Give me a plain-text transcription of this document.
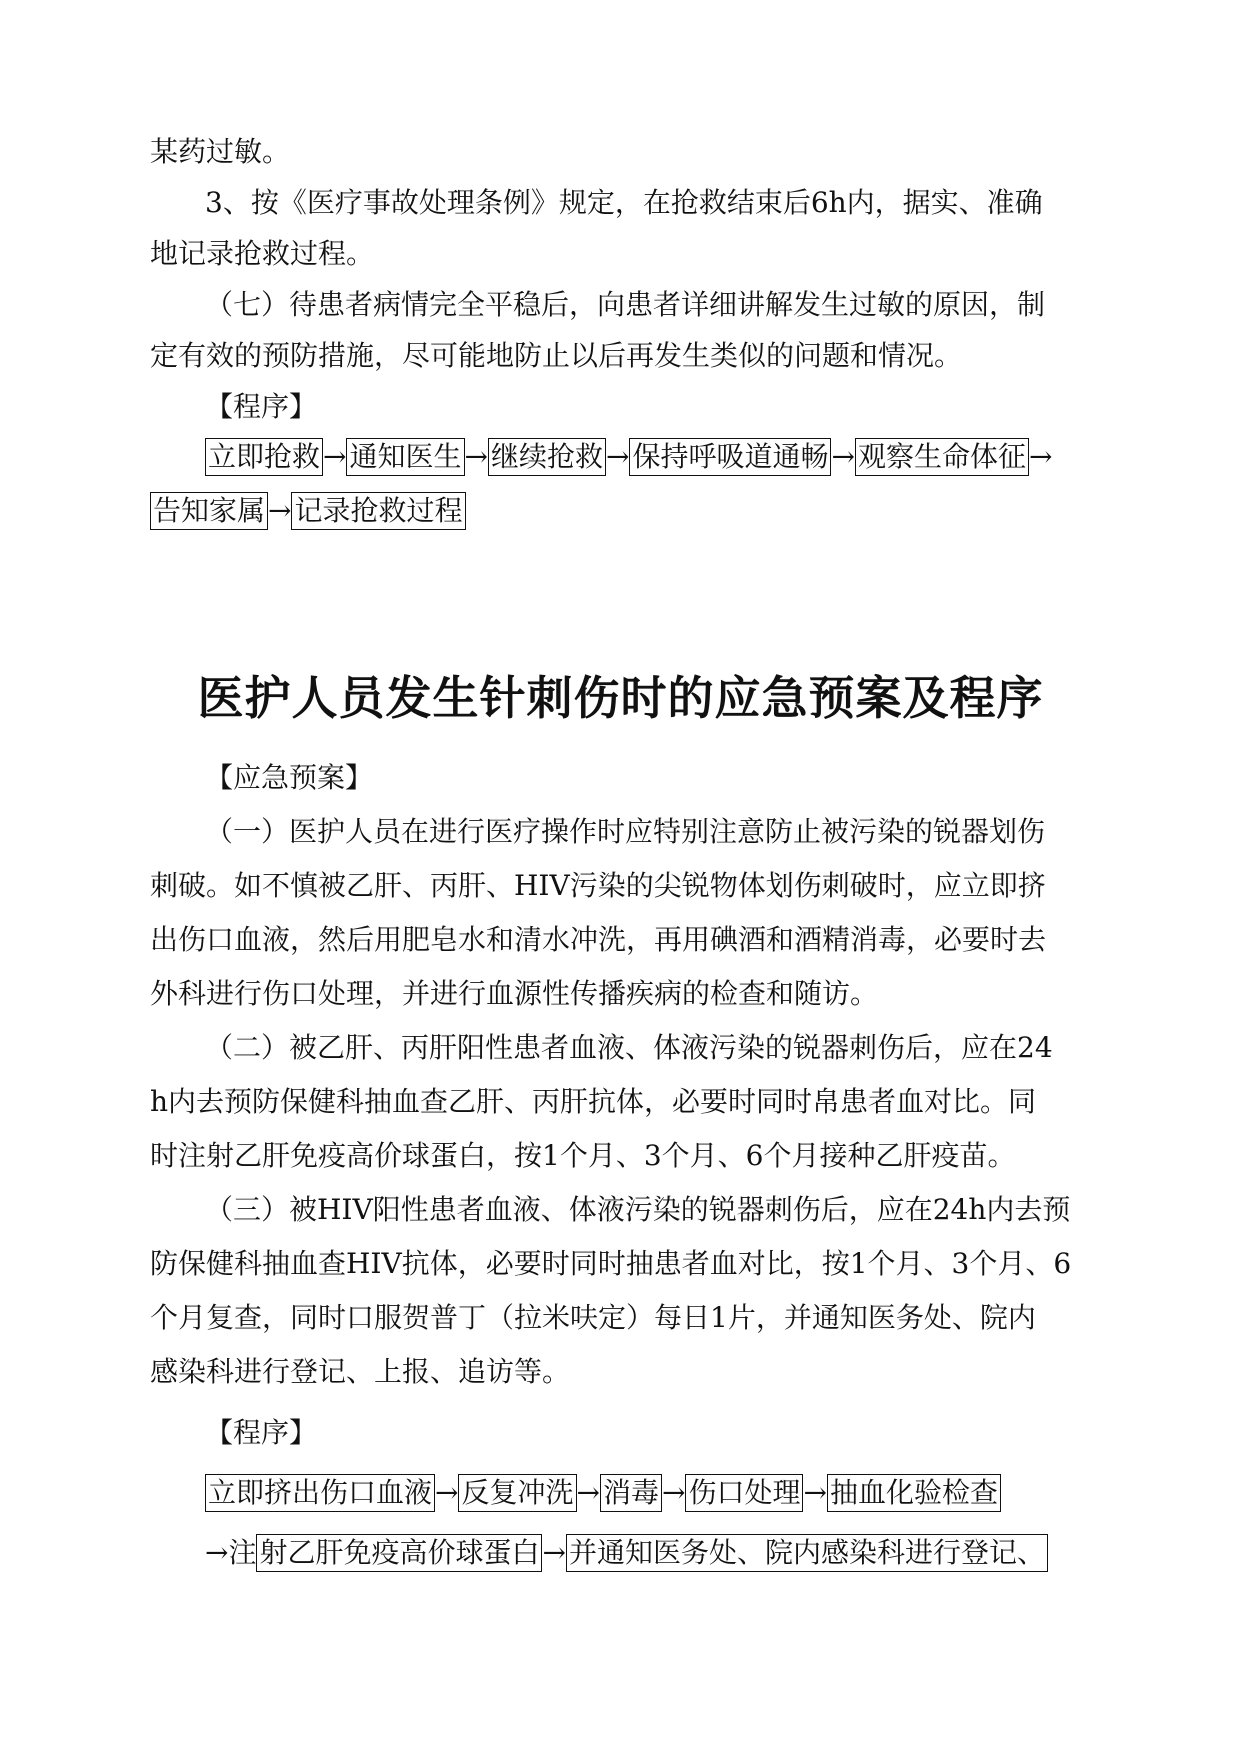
某药过敏。
3、按《医疗事故处理条例》规定，在抢救结束后6h内，据实、准确
地记录抢救过程。
（七）待患者病情完全平稳后，向患者详细讲解发生过敏的原因，制
定有效的预防措施，尽可能地防止以后再发生类似的问题和情况。
【程序】
立即抢救 → 通知医生 → 继续抢救 → 保持呼吸道通畅 → 观察生命体征 →
告知家属 → 记录抢救过程
医护人员发生针刺伤时的应急预案及程序
【应急预案】
（一）医护人员在进行医疗操作时应特别注意防止被污染的锐器划伤
刺破。如不慎被乙肝、丙肝、HIV污染的尖锐物体划伤刺破时，应立即挤
出伤口血液，然后用肥皂水和清水冲洗，再用碘酒和酒精消毒，必要时去
外科进行伤口处理，并进行血源性传播疾病的检查和随访。
（二）被乙肝、丙肝阳性患者血液、体液污染的锐器刺伤后，应在24
h内去预防保健科抽血查乙肝、丙肝抗体，必要时同时帛患者血对比。同
时注射乙肝免疫高价球蛋白，按1个月、3个月、6个月接种乙肝疫苗。
（三）被HIV阳性患者血液、体液污染的锐器刺伤后，应在24h内去预
防保健科抽血查HIV抗体，必要时同时抽患者血对比，按1个月、3个月、6
个月复查，同时口服贺普丁（拉米呋定）每日1片，并通知医务处、院内
感染科进行登记、上报、追访等。
【程序】
立即挤出伤口血液 → 反复冲洗 → 消毒 → 伤口处理 → 抽血化验检查
→注 射乙肝免疫高价球蛋白 → 并通知医务处、院内感染科进行登记、
